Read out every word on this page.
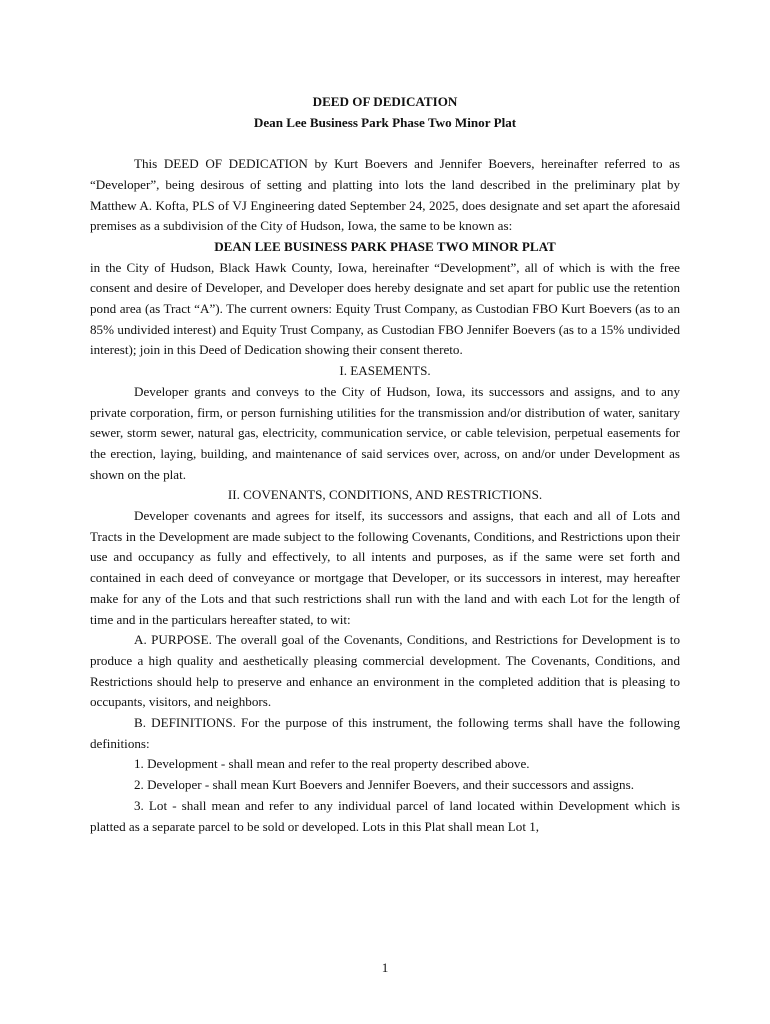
DEED OF DEDICATION
Dean Lee Business Park Phase Two Minor Plat

This DEED OF DEDICATION by Kurt Boevers and Jennifer Boevers, hereinafter referred to as “Developer”, being desirous of setting and platting into lots the land described in the preliminary plat by Matthew A. Kofta, PLS of VJ Engineering dated September 24, 2025, does designate and set apart the aforesaid premises as a subdivision of the City of Hudson, Iowa, the same to be known as:

DEAN LEE BUSINESS PARK PHASE TWO MINOR PLAT

in the City of Hudson, Black Hawk County, Iowa, hereinafter “Development”, all of which is with the free consent and desire of Developer, and Developer does hereby designate and set apart for public use the retention pond area (as Tract “A”). The current owners: Equity Trust Company, as Custodian FBO Kurt Boevers (as to an 85% undivided interest) and Equity Trust Company, as Custodian FBO Jennifer Boevers (as to a 15% undivided interest); join in this Deed of Dedication showing their consent thereto.

I. EASEMENTS.

Developer grants and conveys to the City of Hudson, Iowa, its successors and assigns, and to any private corporation, firm, or person furnishing utilities for the transmission and/or distribution of water, sanitary sewer, storm sewer, natural gas, electricity, communication service, or cable television, perpetual easements for the erection, laying, building, and maintenance of said services over, across, on and/or under Development as shown on the plat.

II. COVENANTS, CONDITIONS, AND RESTRICTIONS.

Developer covenants and agrees for itself, its successors and assigns, that each and all of Lots and Tracts in the Development are made subject to the following Covenants, Conditions, and Restrictions upon their use and occupancy as fully and effectively, to all intents and purposes, as if the same were set forth and contained in each deed of conveyance or mortgage that Developer, or its successors in interest, may hereafter make for any of the Lots and that such restrictions shall run with the land and with each Lot for the length of time and in the particulars hereafter stated, to wit:

A. PURPOSE. The overall goal of the Covenants, Conditions, and Restrictions for Development is to produce a high quality and aesthetically pleasing commercial development. The Covenants, Conditions, and Restrictions should help to preserve and enhance an environment in the completed addition that is pleasing to occupants, visitors, and neighbors.

B. DEFINITIONS. For the purpose of this instrument, the following terms shall have the following definitions:

1. Development - shall mean and refer to the real property described above.

2. Developer - shall mean Kurt Boevers and Jennifer Boevers, and their successors and assigns.

3. Lot - shall mean and refer to any individual parcel of land located within Development which is platted as a separate parcel to be sold or developed. Lots in this Plat shall mean Lot 1,

1
